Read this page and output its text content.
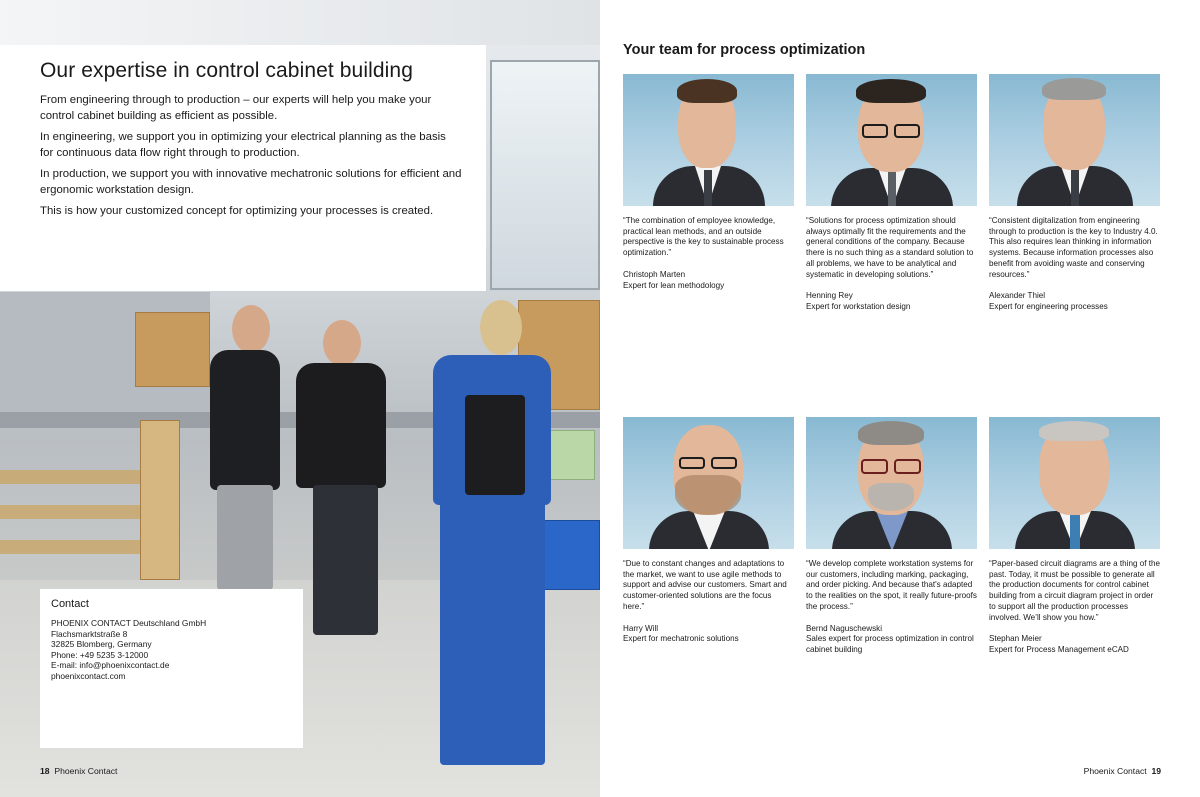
Our expertise in control cabinet building

From engineering through to production – our experts will help you make your control cabinet building as efficient as possible.

In engineering, we support you in optimizing your electrical planning as the basis for continuous data flow right through to production.

In production, we support you with innovative mechatronic solutions for efficient and ergonomic workstation design.

This is how your customized concept for optimizing your processes is created.

Contact
PHOENIX CONTACT Deutschland GmbH
Flachsmarktstraße 8
32825 Blomberg, Germany
Phone: +49 5235 3-12000
E-mail: info@phoenixcontact.de
phoenixcontact.com
18 Phoenix Contact
Your team for process optimization

“The combination of employee knowledge, practical lean methods, and an outside perspective is the key to sustainable process optimization.”

Christoph Marten
Expert for lean methodology

“Solutions for process optimization should always optimally fit the requirements and the general conditions of the company. Because there is no such thing as a standard solution to all problems, we have to be analytical and systematic in developing solutions.”

Henning Rey
Expert for workstation design

“Consistent digitalization from engineering through to production is the key to Industry 4.0. This also requires lean thinking in information systems. Because information processes also benefit from avoiding waste and conserving resources.”

Alexander Thiel
Expert for engineering processes

“Due to constant changes and adaptations to the market, we want to use agile methods to support and advise our customers. Smart and customer-oriented solutions are the focus here.”

Harry Will
Expert for mechatronic solutions

“We develop complete workstation systems for our customers, including marking, packaging, and order picking. And because that's adapted to the realities on the spot, it really future-proofs the process.”

Bernd Naguschewski
Sales expert for process optimization in control cabinet building

“Paper-based circuit diagrams are a thing of the past. Today, it must be possible to generate all the production documents for control cabinet building from a circuit diagram project in order to support all the production processes involved. We’ll show you how.”

Stephan Meier
Expert for Process Management eCAD
Phoenix Contact 19
